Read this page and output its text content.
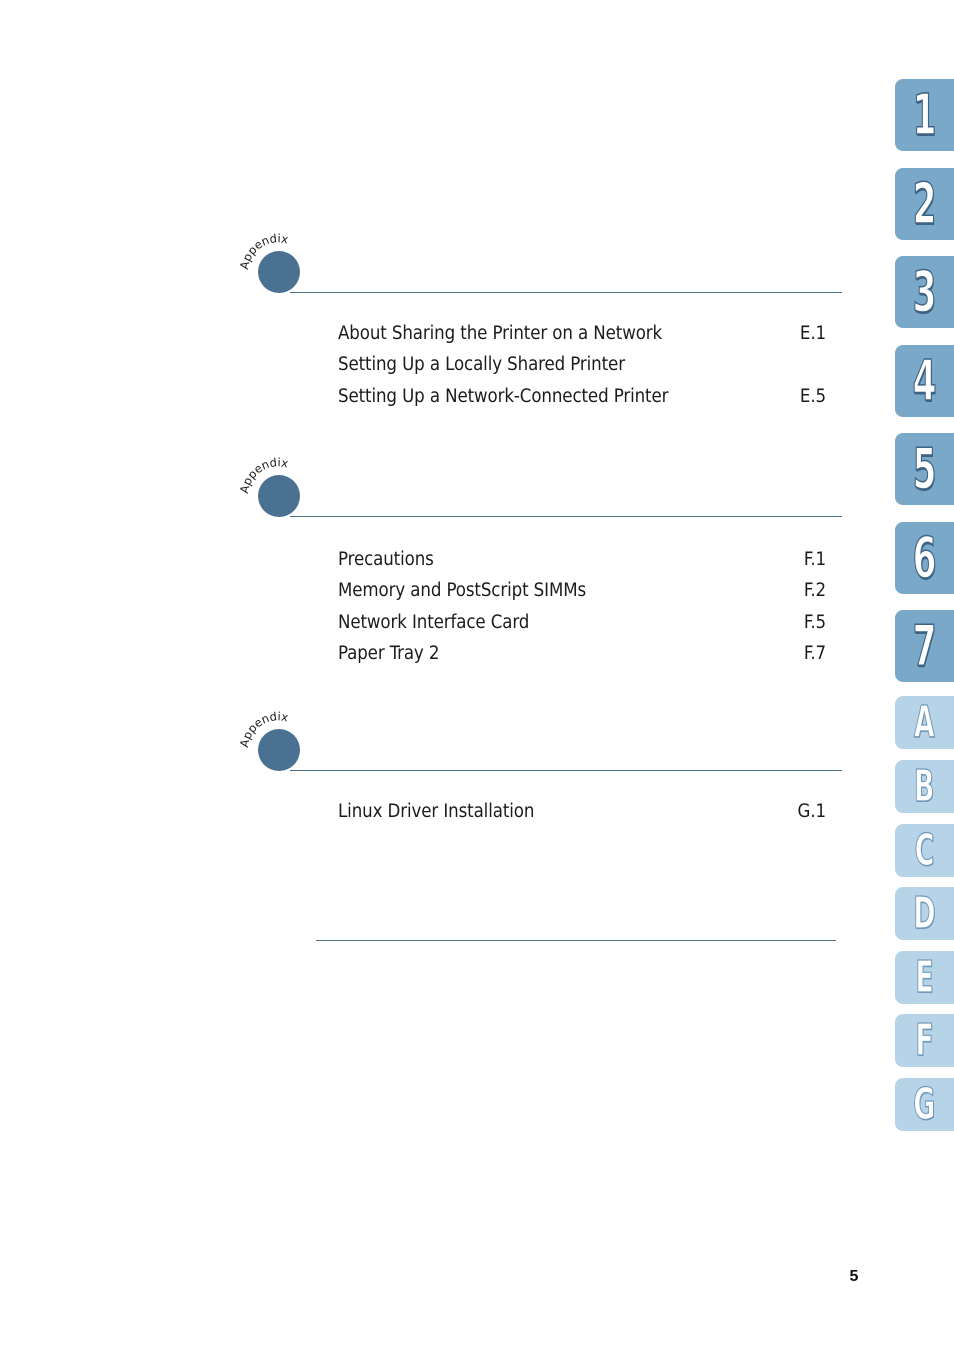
Appendix
About Sharing the Printer on a Network	E.1
Setting Up a Locally Shared Printer
Setting Up a Network-Connected Printer	E.5
Appendix
Precautions	F.1
Memory and PostScript SIMMs	F.2
Network Interface Card	F.5
Paper Tray 2	F.7
Appendix
Linux Driver Installation	G.1
1
2
3
4
5
6
7
A
B
C
D
E
F
G
5
